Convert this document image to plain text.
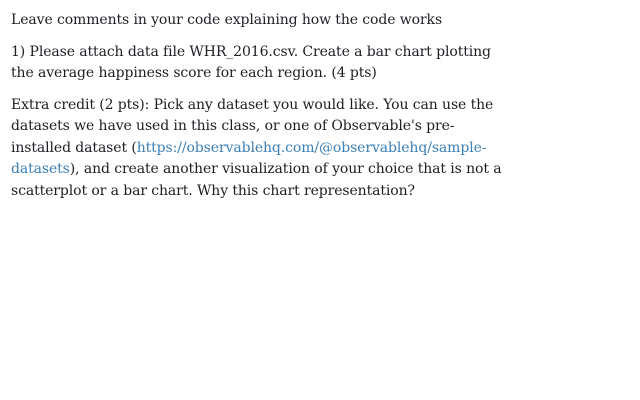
Leave comments in your code explaining how the code works

1) Please attach data file WHR_2016.csv. Create a bar chart plotting the average happiness score for each region. (4 pts)

Extra credit (2 pts): Pick any dataset you would like. You can use the datasets we have used in this class, or one of Observable's pre-installed dataset (https://observablehq.com/@observablehq/sample-datasets), and create another visualization of your choice that is not a scatterplot or a bar chart. Why this chart representation?
